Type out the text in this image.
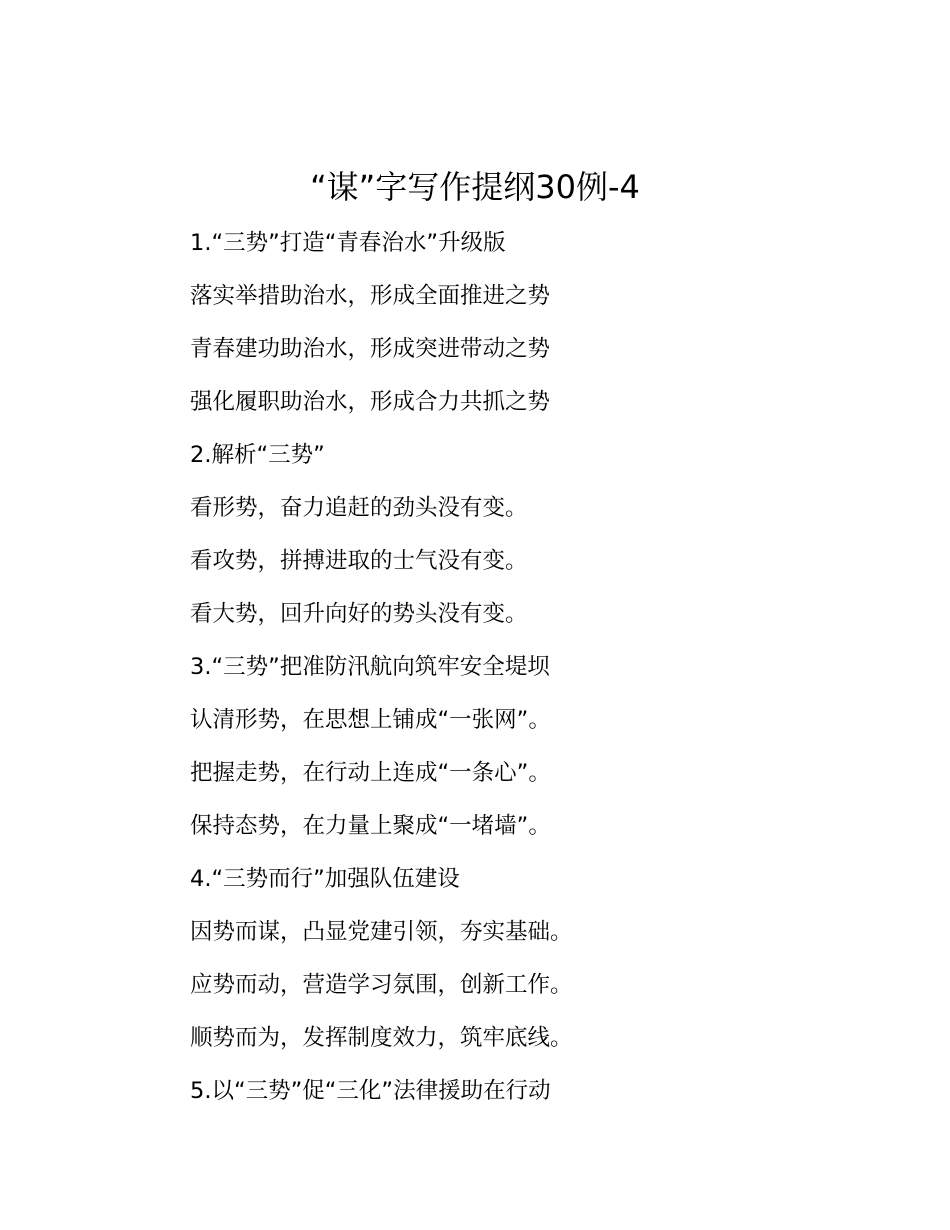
“谋”字写作提纲30例-4
1.“三势”打造“青春治水”升级版
落实举措助治水，形成全面推进之势
青春建功助治水，形成突进带动之势
强化履职助治水，形成合力共抓之势
2.解析“三势”
看形势，奋力追赶的劲头没有变。
看攻势，拼搏进取的士气没有变。
看大势，回升向好的势头没有变。
3.“三势”把准防汛航向筑牢安全堤坝
认清形势，在思想上铺成“一张网”。
把握走势，在行动上连成“一条心”。
保持态势，在力量上聚成“一堵墙”。
4.“三势而行”加强队伍建设
因势而谋，凸显党建引领，夯实基础。
应势而动，营造学习氛围，创新工作。
顺势而为，发挥制度效力，筑牢底线。
5.以“三势”促“三化”法律援助在行动
